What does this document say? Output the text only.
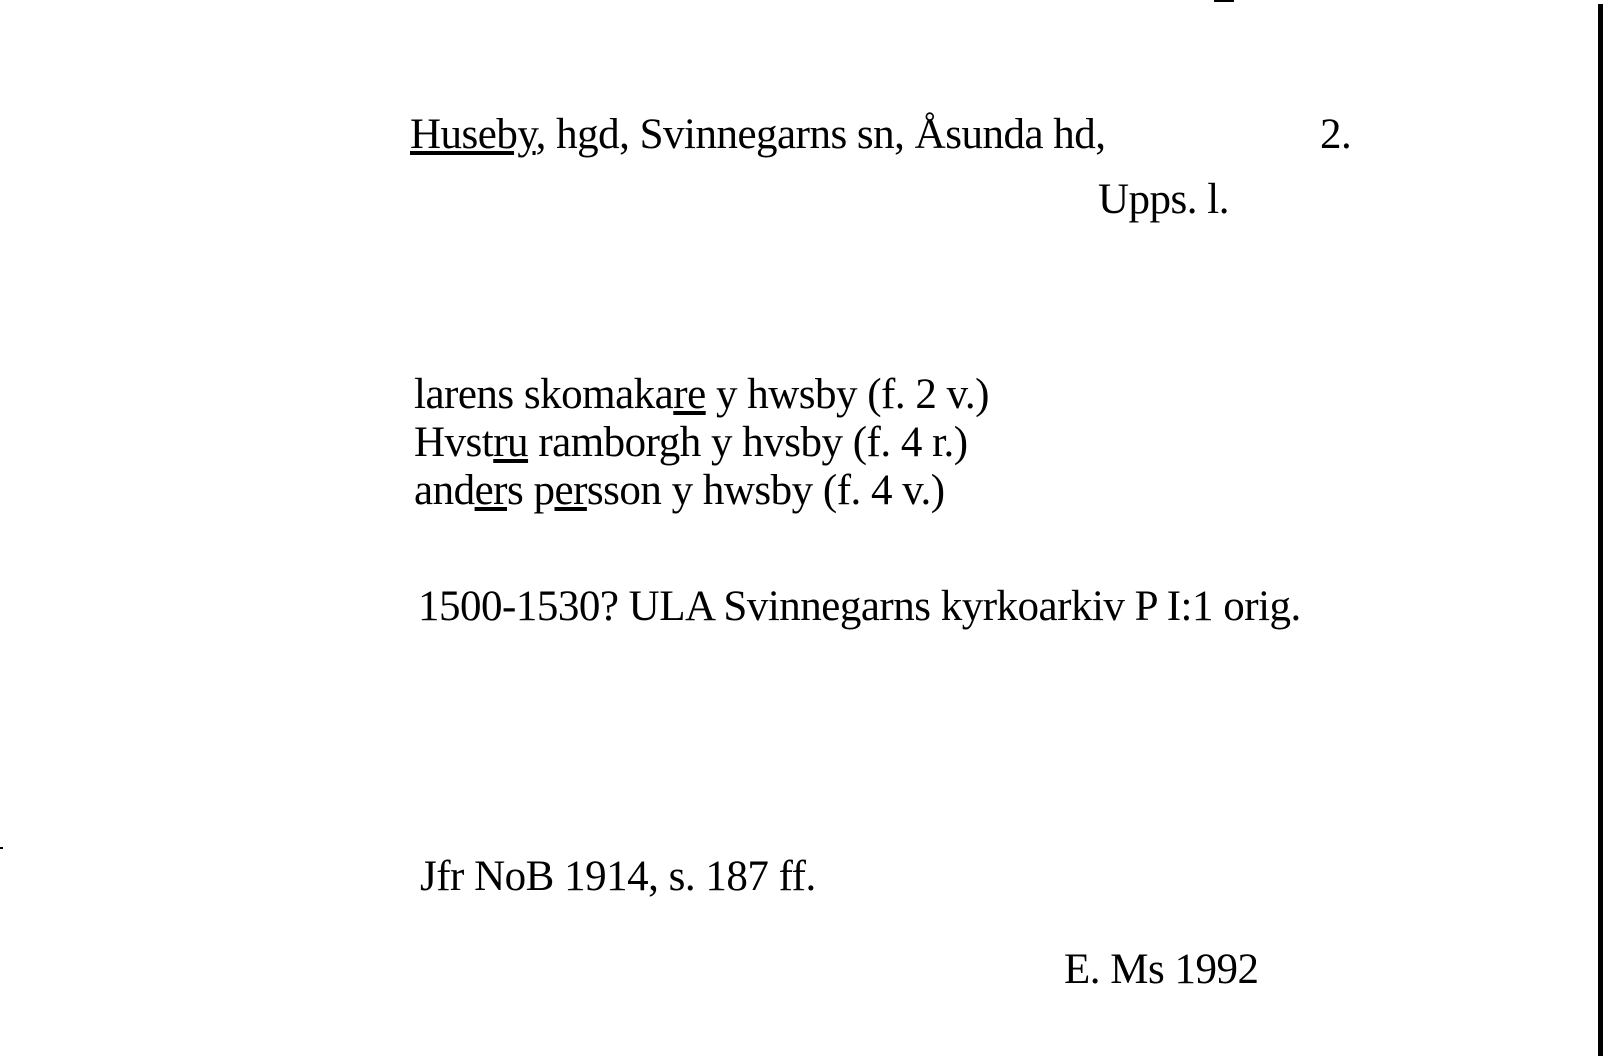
Huseby, hgd, Svinnegarns sn, Åsunda hd,	2.
Upps. l.
larens skomakare y hwsby (f. 2 v.)
Hvstru ramborgh y hvsby (f. 4 r.)
anders persson y hwsby (f. 4 v.)
1500-1530? ULA Svinnegarns kyrkoarkiv P I:1 orig.
Jfr NoB 1914, s. 187 ff.
E. Ms 1992
